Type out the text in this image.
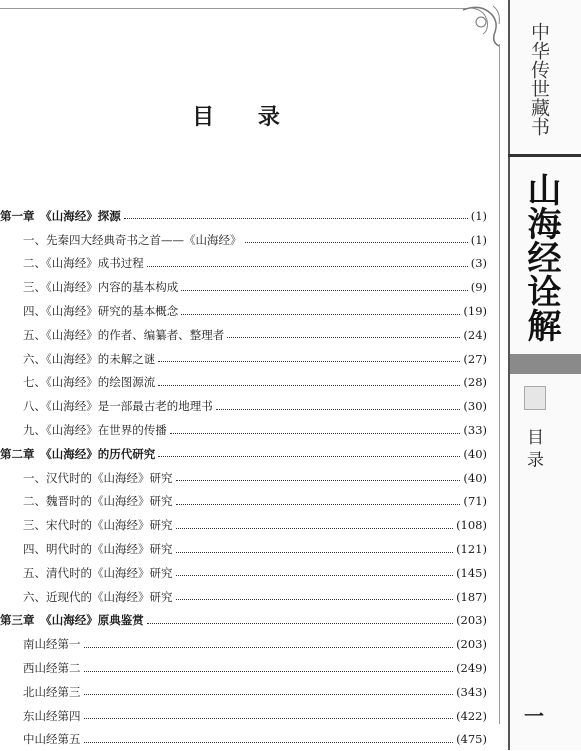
目 录
第一章　《山海经》探源	(1)
一、先秦四大经典奇书之首——《山海经》	(1)
二、《山海经》成书过程	(3)
三、《山海经》内容的基本构成	(9)
四、《山海经》研究的基本概念	(19)
五、《山海经》的作者、编纂者、整理者	(24)
六、《山海经》的未解之谜	(27)
七、《山海经》的绘图源流	(28)
八、《山海经》是一部最古老的地理书	(30)
九、《山海经》在世界的传播	(33)
第二章　《山海经》的历代研究	(40)
一、汉代时的《山海经》研究	(40)
二、魏晋时的《山海经》研究	(71)
三、宋代时的《山海经》研究	(108)
四、明代时的《山海经》研究	(121)
五、清代时的《山海经》研究	(145)
六、近现代的《山海经》研究	(187)
第三章　《山海经》原典鉴赏	(203)
南山经第一	(203)
西山经第二	(249)
北山经第三	(343)
东山经第四	(422)
中山经第五	(475)
中华传世藏书
山海经诠解
目 录
一
